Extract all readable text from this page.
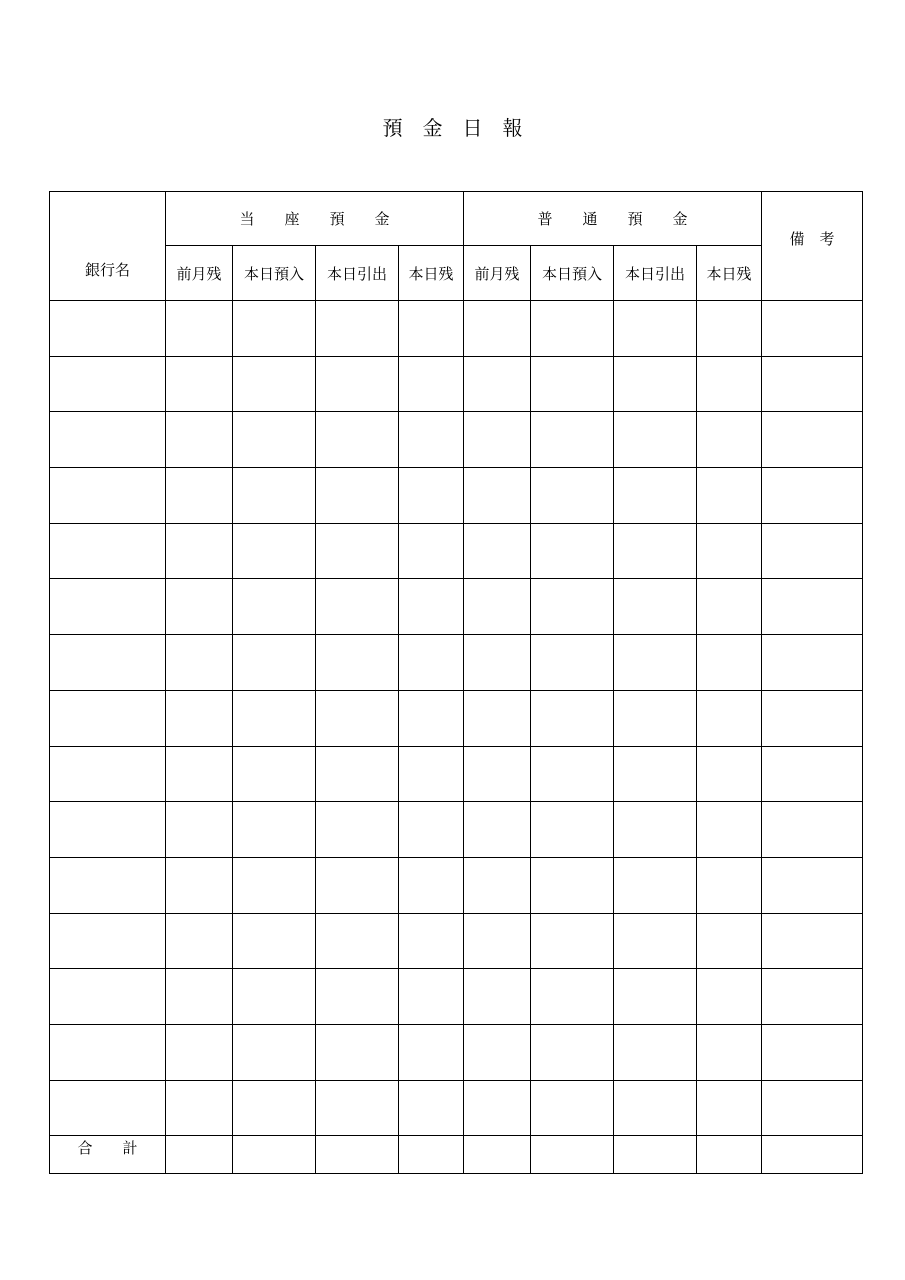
預　金　日　報
銀行名	当　　座　　預　　金				普　　通　　預　　金				備　考
	前月残	本日預入	本日引出	本日残	前月残	本日預入	本日引出	本日残	

合　　計									
